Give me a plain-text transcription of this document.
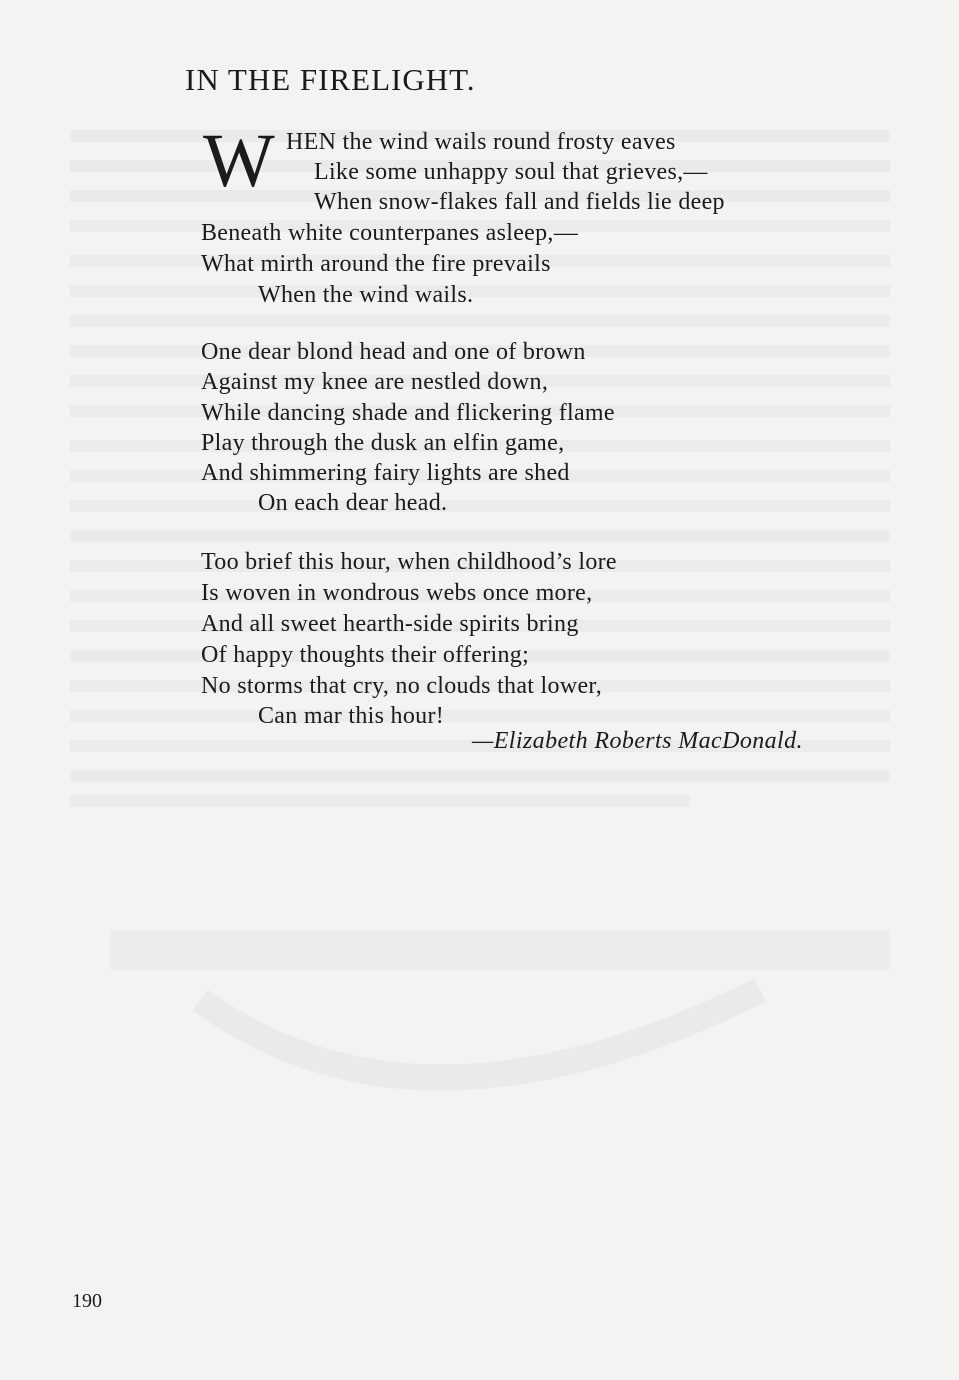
IN THE FIRELIGHT.
W HEN the wind wails round frosty eaves
Like some unhappy soul that grieves,—
When snow-flakes fall and fields lie deep
Beneath white counterpanes asleep,—
What mirth around the fire prevails
When the wind wails.
One dear blond head and one of brown
Against my knee are nestled down,
While dancing shade and flickering flame
Play through the dusk an elfin game,
And shimmering fairy lights are shed
On each dear head.
Too brief this hour, when childhood’s lore
Is woven in wondrous webs once more,
And all sweet hearth-side spirits bring
Of happy thoughts their offering;
No storms that cry, no clouds that lower,
Can mar this hour!
—Elizabeth Roberts MacDonald.
190
